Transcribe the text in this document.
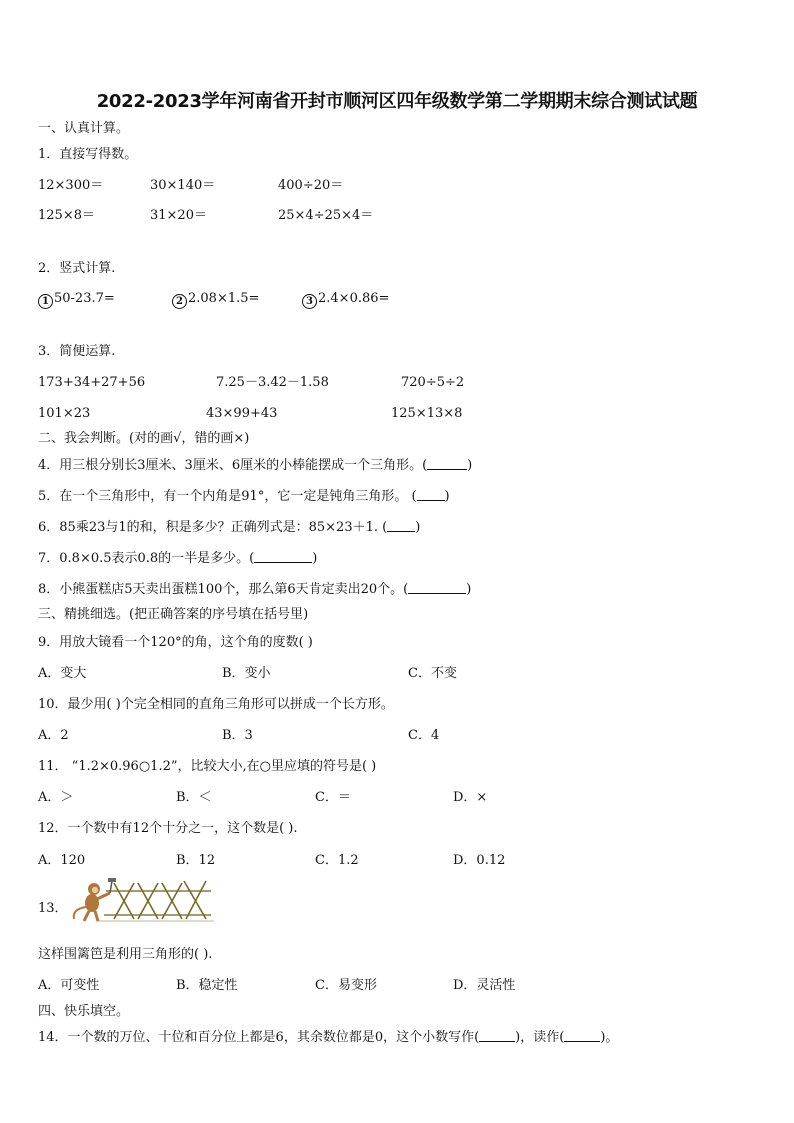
2022-2023学年河南省开封市顺河区四年级数学第二学期期末综合测试试题
一、认真计算。
1．直接写得数。
12×300＝	30×140＝	400÷20＝
125×8＝	31×20＝	25×4÷25×4＝
2．竖式计算.
1 50-23.7=	2 2.08×1.5=	3 2.4×0.86=
3．简便运算.
173+34+27+56	7.25－3.42－1.58	720÷5÷2
101×23	43×99+43	125×13×8
二、我会判断。(对的画√，错的画×)
4．用三根分别长3厘米、3厘米、6厘米的小棒能摆成一个三角形。(	)
5．在一个三角形中，有一个内角是91°，它一定是钝角三角形。 ( )
6．85乘23与1的和，积是多少？正确列式是：85×23＋1. ( )
7．0.8×0.5表示0.8的一半是多少。(	)
8．小熊蛋糕店5天卖出蛋糕100个，那么第6天肯定卖出20个。(	)
三、精挑细选。(把正确答案的序号填在括号里)
9．用放大镜看一个120°的角，这个角的度数( )
A．变大	B．变小	C．不变
10．最少用( )个完全相同的直角三角形可以拼成一个长方形。
A．2	B．3	C．4
11． “1.2×0.96○1.2”，比较大小,在○里应填的符号是( )
A．＞	B．＜	C．＝	D．×
12．一个数中有12个十分之一，这个数是( ).
A．120	B．12	C．1.2	D．0.12
13．
这样围篱笆是利用三角形的( ).
A．可变性	B．稳定性	C．易变形	D．灵活性
四、快乐填空。
14．一个数的万位、十位和百分位上都是6，其余数位都是0，这个小数写作(	)，读作(	)。
